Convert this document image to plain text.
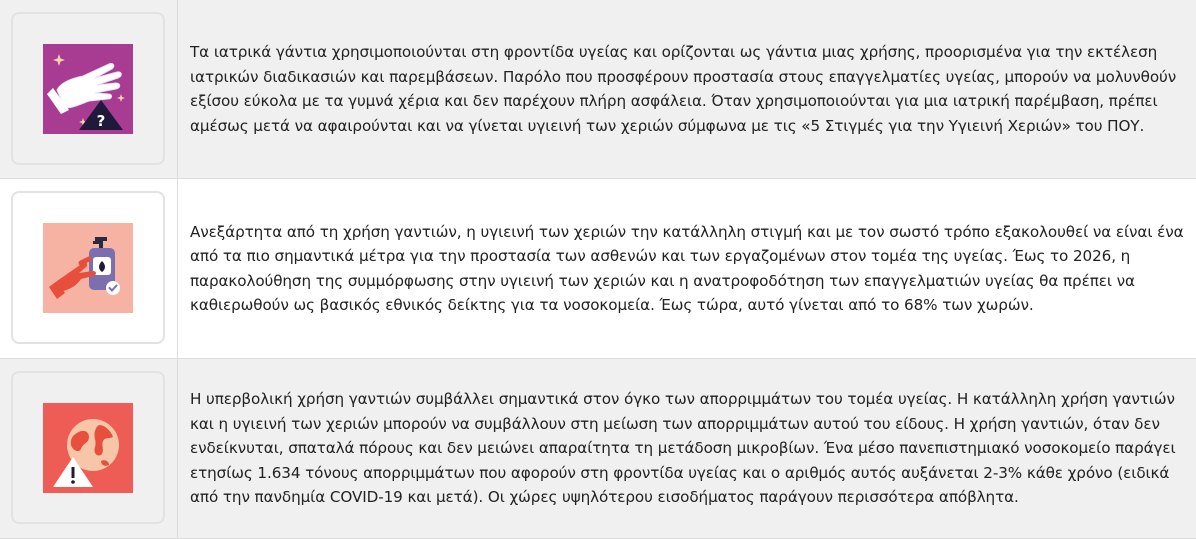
?

Τα ιατρικά γάντια χρησιμοποιούνται στη φροντίδα υγείας και ορίζονται ως γάντια μιας χρήσης, προορισμένα για την εκτέλεση ιατρικών διαδικασιών και παρεμβάσεων. Παρόλο που προσφέρουν προστασία στους επαγγελματίες υγείας, μπορούν να μολυνθούν εξίσου εύκολα με τα γυμνά χέρια και δεν παρέχουν πλήρη ασφάλεια. Όταν χρησιμοποιούνται για μια ιατρική παρέμβαση, πρέπει αμέσως μετά να αφαιρούνται και να γίνεται υγιεινή των χεριών σύμφωνα με τις «5 Στιγμές για την Υγιεινή Χεριών» του ΠΟΥ.

Ανεξάρτητα από τη χρήση γαντιών, η υγιεινή των χεριών την κατάλληλη στιγμή και με τον σωστό τρόπο εξακολουθεί να είναι ένα από τα πιο σημαντικά μέτρα για την προστασία των ασθενών και των εργαζομένων στον τομέα της υγείας. Έως το 2026, η παρακολούθηση της συμμόρφωσης στην υγιεινή των χεριών και η ανατροφοδότηση των επαγγελματιών υγείας θα πρέπει να καθιερωθούν ως βασικός εθνικός δείκτης για τα νοσοκομεία. Έως τώρα, αυτό γίνεται από το 68% των χωρών.

Η υπερβολική χρήση γαντιών συμβάλλει σημαντικά στον όγκο των απορριμμάτων του τομέα υγείας. Η κατάλληλη χρήση γαντιών και η υγιεινή των χεριών μπορούν να συμβάλλουν στη μείωση των απορριμμάτων αυτού του είδους. Η χρήση γαντιών, όταν δεν ενδείκνυται, σπαταλά πόρους και δεν μειώνει απαραίτητα τη μετάδοση μικροβίων. Ένα μέσο πανεπιστημιακό νοσοκομείο παράγει ετησίως 1.634 τόνους απορριμμάτων που αφορούν στη φροντίδα υγείας και ο αριθμός αυτός αυξάνεται 2-3% κάθε χρόνο (ειδικά από την πανδημία COVID-19 και μετά). Οι χώρες υψηλότερου εισοδήματος παράγουν περισσότερα απόβλητα.
